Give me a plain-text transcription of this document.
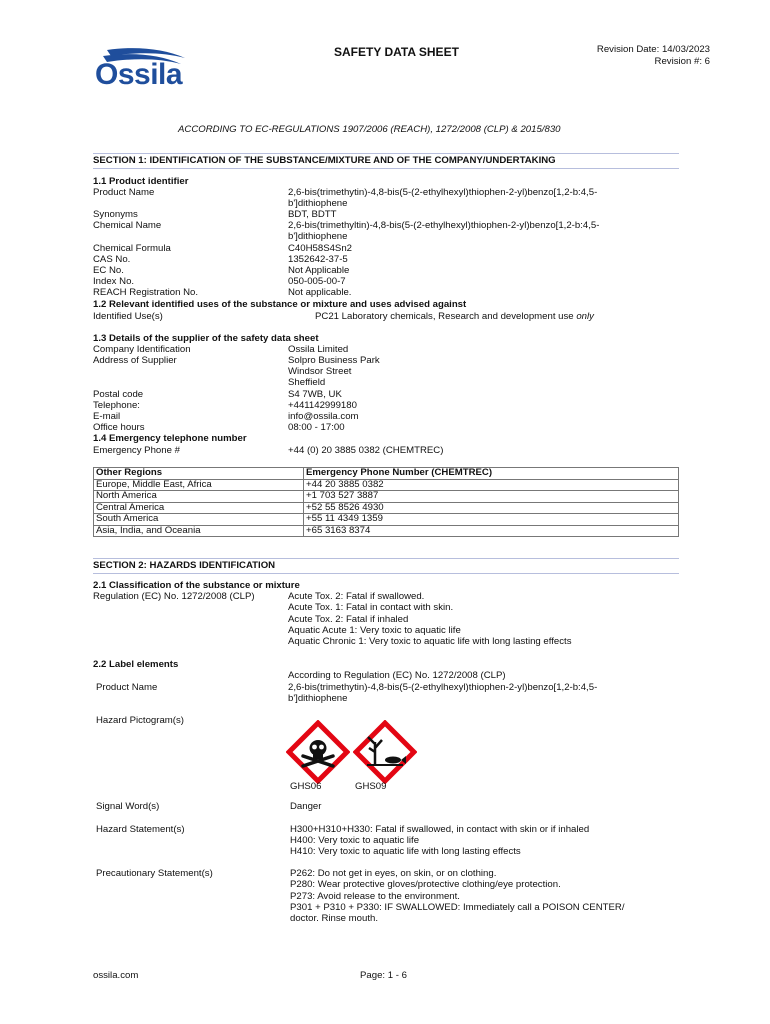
Ossila
SAFETY DATA SHEET	Revision Date: 14/03/2023
Revision #: 6
ACCORDING TO EC-REGULATIONS 1907/2006 (REACH), 1272/2008 (CLP) & 2015/830
SECTION 1: IDENTIFICATION OF THE SUBSTANCE/MIXTURE AND OF THE COMPANY/UNDERTAKING
1.1 Product identifier
Product Name	2,6-bis(trimethytin)-4,8-bis(5-(2-ethylhexyl)thiophen-2-yl)benzo[1,2-b:4,5-
b']dithiophene
Synonyms	BDT, BDTT
Chemical Name	2,6-bis(trimethyltin)-4,8-bis(5-(2-ethylhexyl)thiophen-2-yl)benzo[1,2-b:4,5-
b']dithiophene
Chemical Formula	C40H58S4Sn2
CAS No.	1352642-37-5
EC No.	Not Applicable
Index No.	050-005-00-7
REACH Registration No.	Not applicable.
1.2 Relevant identified uses of the substance or mixture and uses advised against
Identified Use(s)	PC21 Laboratory chemicals, Research and development use only
1.3 Details of the supplier of the safety data sheet
Company Identification	Ossila Limited
Address of Supplier	Solpro Business Park
Windsor Street
Sheffield
Postal code	S4 7WB, UK
Telephone:	+441142999180
E-mail	info@ossila.com
Office hours	08:00 - 17:00
1.4 Emergency telephone number
Emergency Phone #	+44 (0) 20 3885 0382 (CHEMTREC)
Other Regions	Emergency Phone Number (CHEMTREC)
Europe, Middle East, Africa	+44 20 3885 0382
North America	+1 703 527 3887
Central America	+52 55 8526 4930
South America	+55 11 4349 1359
Asia, India, and Oceania	+65 3163 8374
SECTION 2: HAZARDS IDENTIFICATION
2.1 Classification of the substance or mixture
Regulation (EC) No. 1272/2008 (CLP)	Acute Tox. 2: Fatal if swallowed.
Acute Tox. 1: Fatal in contact with skin.
Acute Tox. 2: Fatal if inhaled
Aquatic Acute 1: Very toxic to aquatic life
Aquatic Chronic 1: Very toxic to aquatic life with long lasting effects
2.2 Label elements
According to Regulation (EC) No. 1272/2008 (CLP)
Product Name	2,6-bis(trimethytin)-4,8-bis(5-(2-ethylhexyl)thiophen-2-yl)benzo[1,2-b:4,5-
b']dithiophene
Hazard Pictogram(s)
GHS06	GHS09
Signal Word(s)	Danger
Hazard Statement(s)	H300+H310+H330: Fatal if swallowed, in contact with skin or if inhaled
H400: Very toxic to aquatic life
H410: Very toxic to aquatic life with long lasting effects
Precautionary Statement(s)	P262: Do not get in eyes, on skin, or on clothing.
P280: Wear protective gloves/protective clothing/eye protection.
P273: Avoid release to the environment.
P301 + P310 + P330: IF SWALLOWED: Immediately call a POISON CENTER/
doctor. Rinse mouth.
ossila.com	Page: 1 - 6
